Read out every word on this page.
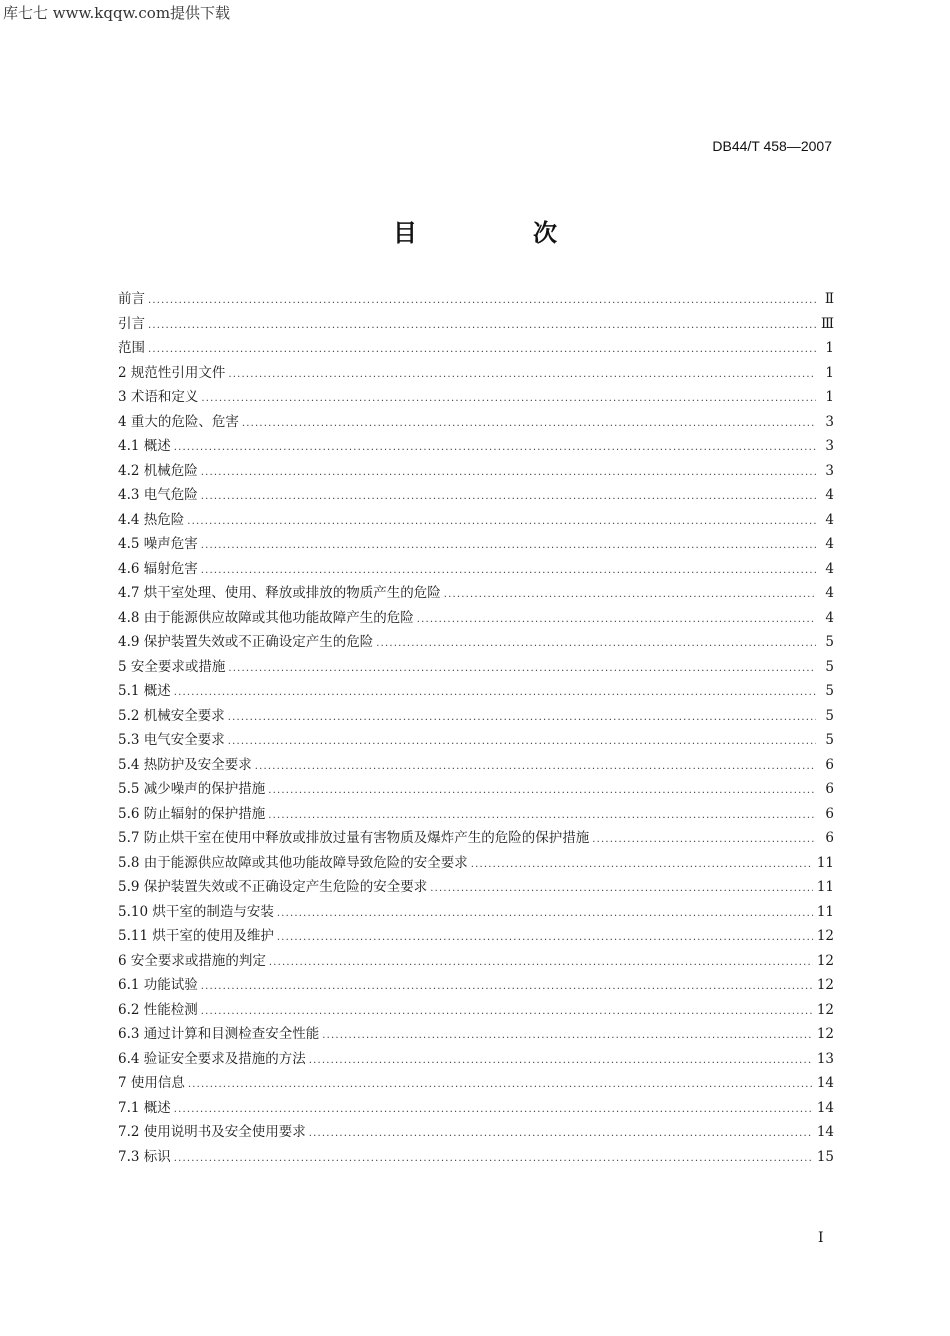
库七七 www.kqqw.com提供下载
DB44/T 458—2007
目　次
前言 .....	Ⅱ
引言 .....	Ⅲ
范围 .....	1
2 规范性引用文件 .....	1
3 术语和定义 .....	1
4 重大的危险、危害 .....	3
4.1 概述 .....	3
4.2 机械危险 .....	3
4.3 电气危险 .....	4
4.4 热危险 .....	4
4.5 噪声危害 .....	4
4.6 辐射危害 .....	4
4.7 烘干室处理、使用、释放或排放的物质产生的危险 .....	4
4.8 由于能源供应故障或其他功能故障产生的危险 .....	4
4.9 保护装置失效或不正确设定产生的危险 .....	5
5 安全要求或措施 .....	5
5.1 概述 .....	5
5.2 机械安全要求 .....	5
5.3 电气安全要求 .....	5
5.4 热防护及安全要求 .....	6
5.5 减少噪声的保护措施 .....	6
5.6 防止辐射的保护措施 .....	6
5.7 防止烘干室在使用中释放或排放过量有害物质及爆炸产生的危险的保护措施 .....	6
5.8 由于能源供应故障或其他功能故障导致危险的安全要求 .....	11
5.9 保护装置失效或不正确设定产生危险的安全要求 .....	11
5.10 烘干室的制造与安装 .....	11
5.11 烘干室的使用及维护 .....	12
6 安全要求或措施的判定 .....	12
6.1 功能试验 .....	12
6.2 性能检测 .....	12
6.3 通过计算和目测检查安全性能 .....	12
6.4 验证安全要求及措施的方法 .....	13
7 使用信息 .....	14
7.1 概述 .....	14
7.2 使用说明书及安全使用要求 .....	14
7.3 标识 .....	15
I
